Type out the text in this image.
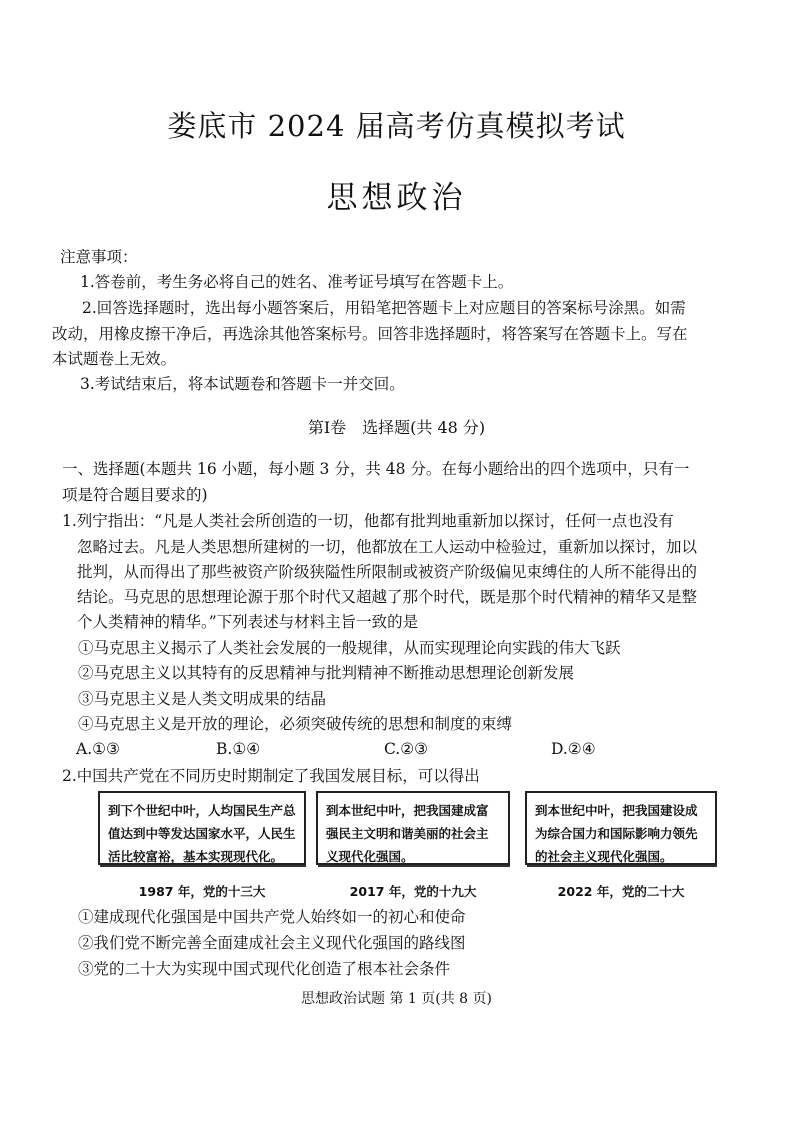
娄底市 2024 届高考仿真模拟考试
思想政治
注意事项：
1.答卷前，考生务必将自己的姓名、准考证号填写在答题卡上。
2.回答选择题时，选出每小题答案后，用铅笔把答题卡上对应题目的答案标号涂黑。如需
改动，用橡皮擦干净后，再选涂其他答案标号。回答非选择题时，将答案写在答题卡上。写在
本试题卷上无效。
3.考试结束后，将本试题卷和答题卡一并交回。
第Ⅰ卷　选择题(共 48 分)
一、选择题(本题共 16 小题，每小题 3 分，共 48 分。在每小题给出的四个选项中，只有一
项是符合题目要求的)
1.列宁指出：“凡是人类社会所创造的一切，他都有批判地重新加以探讨，任何一点也没有
忽略过去。凡是人类思想所建树的一切，他都放在工人运动中检验过，重新加以探讨，加以
批判，从而得出了那些被资产阶级狭隘性所限制或被资产阶级偏见束缚住的人所不能得出的
结论。马克思的思想理论源于那个时代又超越了那个时代，既是那个时代精神的精华又是整
个人类精神的精华。”下列表述与材料主旨一致的是
①马克思主义揭示了人类社会发展的一般规律，从而实现理论向实践的伟大飞跃
②马克思主义以其特有的反思精神与批判精神不断推动思想理论创新发展
③马克思主义是人类文明成果的结晶
④马克思主义是开放的理论，必须突破传统的思想和制度的束缚
A.①③	B.①④	C.②③	D.②④
2.中国共产党在不同历史时期制定了我国发展目标，可以得出
到下个世纪中叶，人均国民生产总值达到中等发达国家水平，人民生活比较富裕，基本实现现代化。
1987 年，党的十三大
到本世纪中叶，把我国建成富强民主文明和谐美丽的社会主义现代化强国。
2017 年，党的十九大
到本世纪中叶，把我国建设成为综合国力和国际影响力领先的社会主义现代化强国。
2022 年，党的二十大
①建成现代化强国是中国共产党人始终如一的初心和使命
②我们党不断完善全面建成社会主义现代化强国的路线图
③党的二十大为实现中国式现代化创造了根本社会条件
思想政治试题 第 1 页(共 8 页)
